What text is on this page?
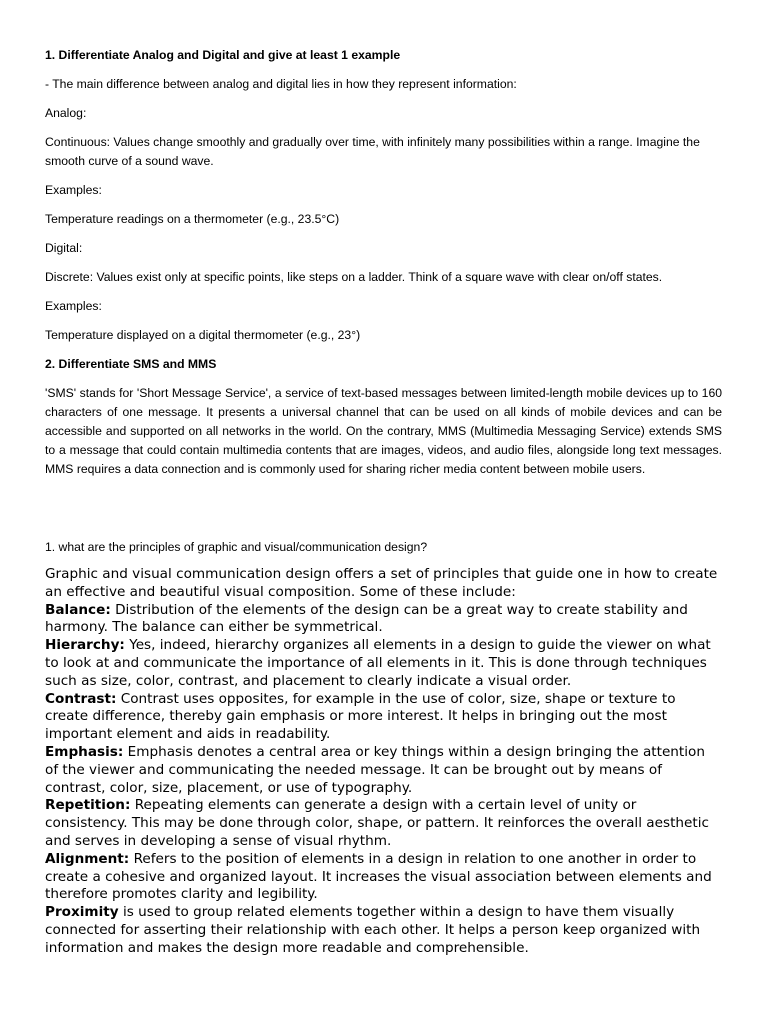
1. Differentiate Analog and Digital and give at least 1 example

- The main difference between analog and digital lies in how they represent information:

Analog:

Continuous: Values change smoothly and gradually over time, with infinitely many possibilities within a range. Imagine the smooth curve of a sound wave.

Examples:

Temperature readings on a thermometer (e.g., 23.5°C)

Digital:

Discrete: Values exist only at specific points, like steps on a ladder. Think of a square wave with clear on/off states.

Examples:

Temperature displayed on a digital thermometer (e.g., 23°)

2. Differentiate SMS and MMS

'SMS' stands for 'Short Message Service', a service of text-based messages between limited-length mobile devices up to 160 characters of one message. It presents a universal channel that can be used on all kinds of mobile devices and can be accessible and supported on all networks in the world. On the contrary, MMS (Multimedia Messaging Service) extends SMS to a message that could contain multimedia contents that are images, videos, and audio files, alongside long text messages. MMS requires a data connection and is commonly used for sharing richer media content between mobile users.

1. what are the principles of graphic and visual/communication design?

Graphic and visual communication design offers a set of principles that guide one in how to create an effective and beautiful visual composition. Some of these include:

Balance: Distribution of the elements of the design can be a great way to create stability and harmony. The balance can either be symmetrical.

Hierarchy: Yes, indeed, hierarchy organizes all elements in a design to guide the viewer on what to look at and communicate the importance of all elements in it. This is done through techniques such as size, color, contrast, and placement to clearly indicate a visual order.

Contrast: Contrast uses opposites, for example in the use of color, size, shape or texture to create difference, thereby gain emphasis or more interest. It helps in bringing out the most important element and aids in readability.

Emphasis: Emphasis denotes a central area or key things within a design bringing the attention of the viewer and communicating the needed message. It can be brought out by means of contrast, color, size, placement, or use of typography.

Repetition: Repeating elements can generate a design with a certain level of unity or consistency. This may be done through color, shape, or pattern. It reinforces the overall aesthetic and serves in developing a sense of visual rhythm.

Alignment: Refers to the position of elements in a design in relation to one another in order to create a cohesive and organized layout. It increases the visual association between elements and therefore promotes clarity and legibility.

Proximity is used to group related elements together within a design to have them visually connected for asserting their relationship with each other. It helps a person keep organized with information and makes the design more readable and comprehensible.
